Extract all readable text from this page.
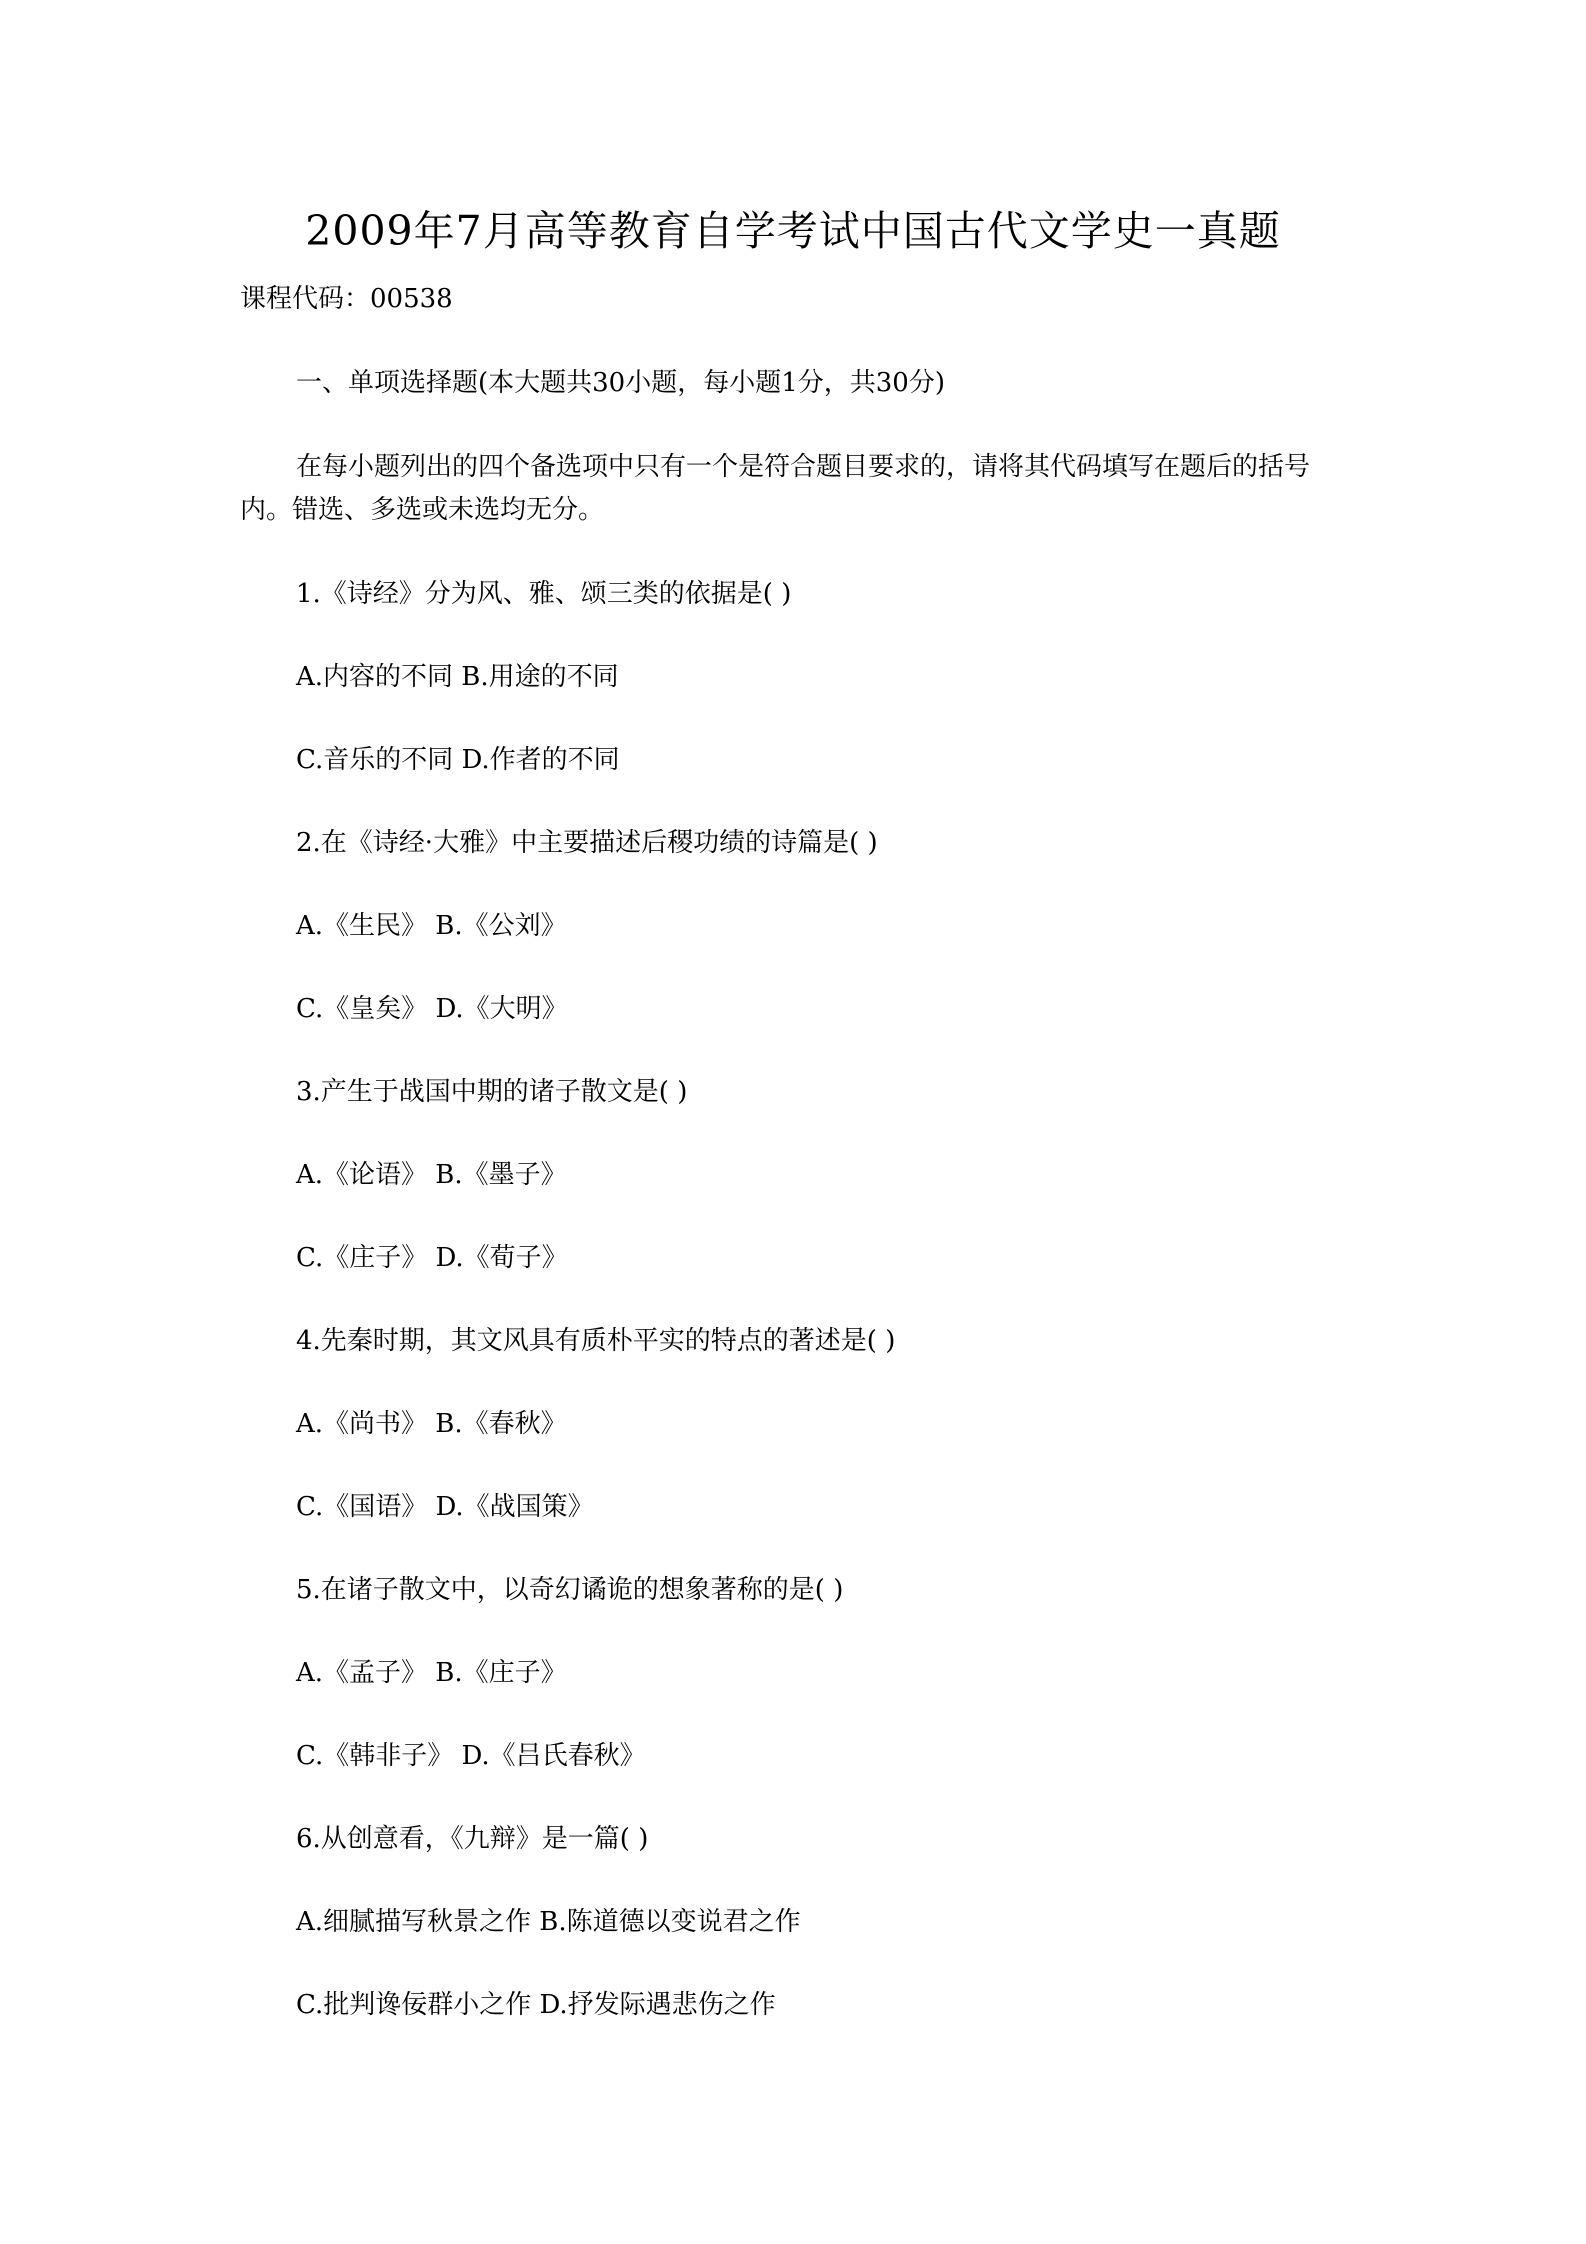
2009年7月高等教育自学考试中国古代文学史一真题
课程代码：00538
一、单项选择题(本大题共30小题，每小题1分，共30分)
在每小题列出的四个备选项中只有一个是符合题目要求的，请将其代码填写在题后的括号内。错选、多选或未选均无分。
1.《诗经》分为风、雅、颂三类的依据是( )
A.内容的不同 B.用途的不同
C.音乐的不同 D.作者的不同
2.在《诗经·大雅》中主要描述后稷功绩的诗篇是( )
A.《生民》 B.《公刘》
C.《皇矣》 D.《大明》
3.产生于战国中期的诸子散文是( )
A.《论语》 B.《墨子》
C.《庄子》 D.《荀子》
4.先秦时期，其文风具有质朴平实的特点的著述是( )
A.《尚书》 B.《春秋》
C.《国语》 D.《战国策》
5.在诸子散文中，以奇幻谲诡的想象著称的是( )
A.《孟子》 B.《庄子》
C.《韩非子》 D.《吕氏春秋》
6.从创意看，《九辩》是一篇( )
A.细腻描写秋景之作 B.陈道德以变说君之作
C.批判谗佞群小之作 D.抒发际遇悲伤之作
